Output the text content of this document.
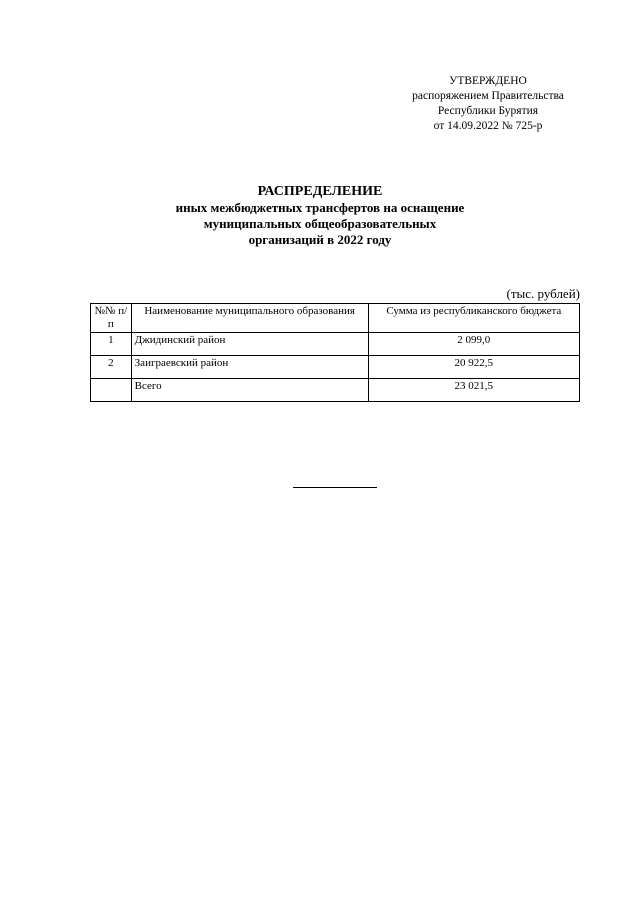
УТВЕРЖДЕНО
распоряжением Правительства
Республики Бурятия
от 14.09.2022 № 725-р
РАСПРЕДЕЛЕНИЕ
иных межбюджетных трансфертов на оснащение
муниципальных общеобразовательных
организаций в 2022 году
(тыс. рублей)
№№ п/п	Наименование муниципального образования	Сумма из республиканского бюджета
1	Джидинский район	2 099,0
2	Заиграевский район	20 922,5
	Всего	23 021,5
